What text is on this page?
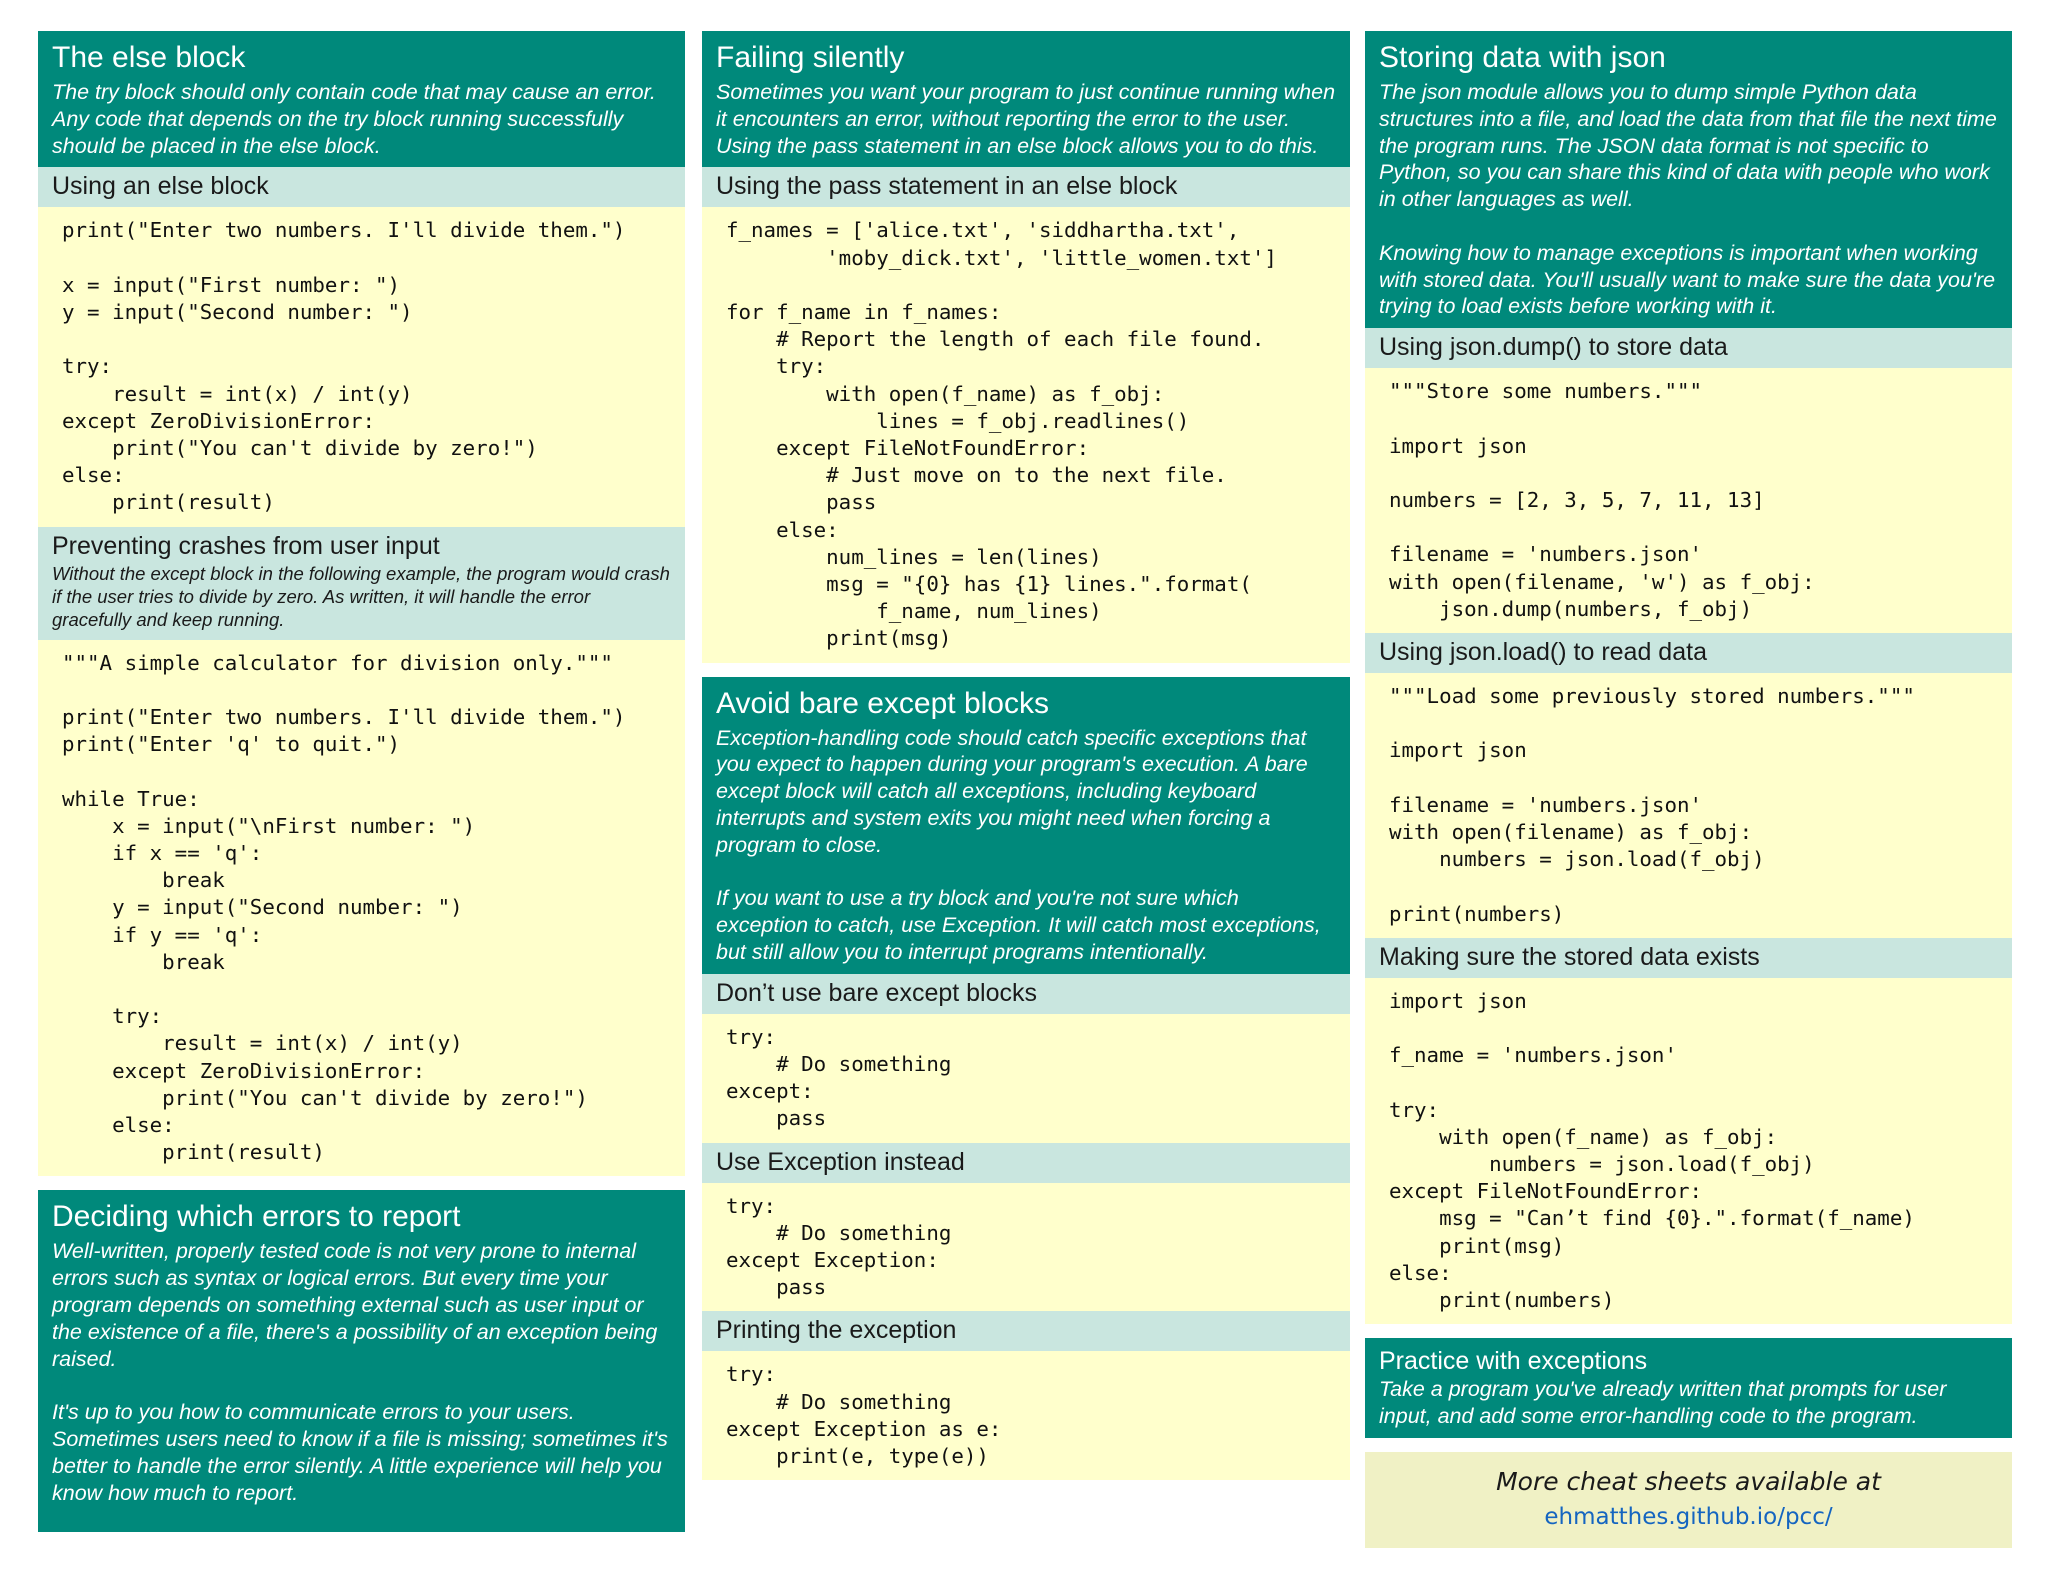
The else block
The try block should only contain code that may cause an error. Any code that depends on the try block running successfully should be placed in the else block.
Using an else block
print("Enter two numbers. I'll divide them.")

x = input("First number: ")
y = input("Second number: ")

try:
result = int(x) / int(y)
except ZeroDivisionError:
print("You can't divide by zero!")
else:
print(result)
Preventing crashes from user input
Without the except block in the following example, the program would crash if the user tries to divide by zero. As written, it will handle the error gracefully and keep running.
"""A simple calculator for division only."""

print("Enter two numbers. I'll divide them.")
print("Enter 'q' to quit.")

while True:
x = input("\nFirst number: ")
if x == 'q':
break
y = input("Second number: ")
if y == 'q':
break

try:
result = int(x) / int(y)
except ZeroDivisionError:
print("You can't divide by zero!")
else:
print(result)
Deciding which errors to report
Well-written, properly tested code is not very prone to internal errors such as syntax or logical errors. But every time your program depends on something external such as user input or the existence of a file, there's a possibility of an exception being raised.

It's up to you how to communicate errors to your users. Sometimes users need to know if a file is missing; sometimes it's better to handle the error silently. A little experience will help you know how much to report.
Failing silently
Sometimes you want your program to just continue running when it encounters an error, without reporting the error to the user. Using the pass statement in an else block allows you to do this.
Using the pass statement in an else block
f_names = ['alice.txt', 'siddhartha.txt',
'moby_dick.txt', 'little_women.txt']

for f_name in f_names:
# Report the length of each file found.
try:
with open(f_name) as f_obj:
lines = f_obj.readlines()
except FileNotFoundError:
# Just move on to the next file.
pass
else:
num_lines = len(lines)
msg = "{0} has {1} lines.".format(
f_name, num_lines)
print(msg)
Avoid bare except blocks
Exception-handling code should catch specific exceptions that you expect to happen during your program's execution. A bare except block will catch all exceptions, including keyboard interrupts and system exits you might need when forcing a program to close.

If you want to use a try block and you're not sure which exception to catch, use Exception. It will catch most exceptions, but still allow you to interrupt programs intentionally.
Don’t use bare except blocks
try:
# Do something
except:
pass
Use Exception instead
try:
# Do something
except Exception:
pass
Printing the exception
try:
# Do something
except Exception as e:
print(e, type(e))
Storing data with json
The json module allows you to dump simple Python data structures into a file, and load the data from that file the next time the program runs. The JSON data format is not specific to Python, so you can share this kind of data with people who work in other languages as well.

Knowing how to manage exceptions is important when working with stored data. You'll usually want to make sure the data you're trying to load exists before working with it.
Using json.dump() to store data
"""Store some numbers."""

import json

numbers = [2, 3, 5, 7, 11, 13]

filename = 'numbers.json'
with open(filename, 'w') as f_obj:
json.dump(numbers, f_obj)
Using json.load() to read data
"""Load some previously stored numbers."""

import json

filename = 'numbers.json'
with open(filename) as f_obj:
numbers = json.load(f_obj)

print(numbers)
Making sure the stored data exists
import json

f_name = 'numbers.json'

try:
with open(f_name) as f_obj:
numbers = json.load(f_obj)
except FileNotFoundError:
msg = "Can’t find {0}.".format(f_name)
print(msg)
else:
print(numbers)
Practice with exceptions
Take a program you've already written that prompts for user input, and add some error-handling code to the program.
More cheat sheets available at
ehmatthes.github.io/pcc/
